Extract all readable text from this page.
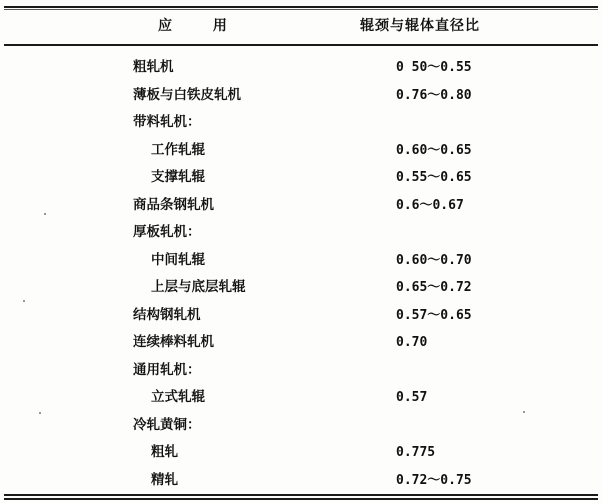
应 用	辊颈与辊体直径比
粗轧机	0 50～0.55
薄板与白铁皮轧机	0.76～0.80
带料轧机：
工作轧辊	0.60～0.65
支撑轧辊	0.55～0.65
商品条钢轧机	0.6～0.67
厚板轧机：
中间轧辊	0.60～0.70
上层与底层轧辊	0.65～0.72
结构钢轧机	0.57～0.65
连续棒料轧机	0.70
通用轧机：
立式轧辊	0.57
冷轧黄铜：
粗轧	0.775
精轧	0.72～0.75
